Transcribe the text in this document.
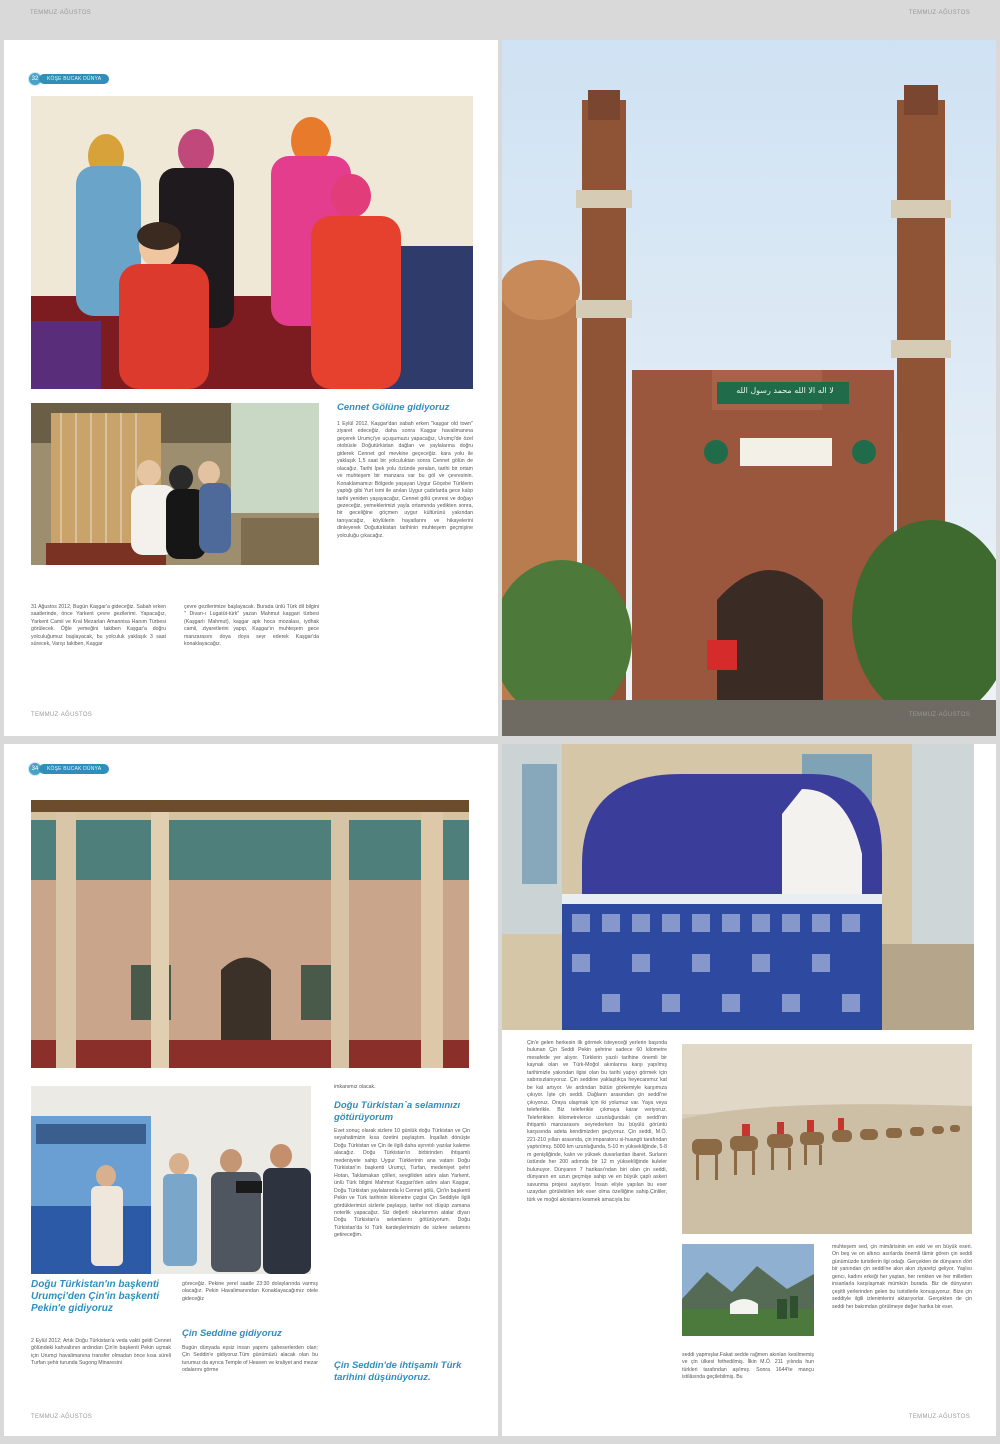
TEMMUZ·AĞUSTOS	TEMMUZ·AĞUSTOS
32	KÖŞE BUCAK DÜNYA
Cennet Gölüne gidiyoruz
1 Eylül 2012, Kaşgar'dan sabah erken "kaşgar old town" ziyaret edeceğiz, daha sonra Kaşgar havalimanına geçerek Urumçi'ye uçuşumuzu yapacağız, Urumçi'de özel otobüsle Doğutürkistan dağları ve yaylalarına doğru giderek Cennet gol mevkine geçeceğiz. kara yolu ile yaklaşık 1,5 saat bir yolculuktan sonra Cennet gölün de olacağız. Tarihi İpek yolu özünde yeralan, tarihi bir ortam ve muhteşem bir manzara var bu göl ve çevresinin. Konaklamamızı Bölgede yaşayan Uygur Göçebe Türklerin yaptığı gibi Yurt ismi ile anılan Uygur çadırlarda gece kalıp tarihi yeniden yaşayacağız, Cennet gölü çevresi ve doğayı gezeceğiz, yemeklerimizi yayla ortamında yedikten sonra, bir geceliğine göçmen uygur kültürünü yakından tanıyacağız, köylülerin hayatlarını ve hikayelerini dinleyerek Doğutürkistan tarihinin muhteşem geçmişine yolculuğu çıkacağız.
31 Ağustos 2012, Bugün Kaşgar'a gideceğiz. Sabah erken saatlerinde, önce Yarkent çevre gezilerimi. Yapacağız, Yarkent Camii ve Kral Mezarları Amannisa Hanım Türbesi görülecek. Öğle yemeğini takiben Kaşgar'a doğru yolculuğumuz başlayacak, bu yolculuk yaklaşık 3 saat sürecek, Varışı takiben, Kaşgar
çevre gezilerimize başlayacak. Burada ünlü Türk dil bilgini " Divan-ı Lugatüt-türk" yazan Mahmut kaşgari türbesi (Kaşgarlı Mahmut), kaşgar apk hoca mozalası, iydhak camii, ziyaretlerini yapıp, Kaşgar'ın muhteşem gece manzarasını doya doya seyr ederek Kaşgar'da konaklayacağız.
TEMMUZ·AĞUSTOS
لا اله الا الله محمد رسول الله
TEMMUZ·AĞUSTOS
34	KÖŞE BUCAK DÜNYA
Doğu Türkistan'ın başkenti Urumçi'den Çin'in başkenti Pekin'e gidiyoruz
2 Eylül 2012; Artık Doğu Türkistan'a veda vakti geldi Cennet gölündeki kahvaltının ardından Çin'in başkenti Pekin uçmak için Urumçi havalimanına transfer olmadan önce kısa süreli Turfan şehir turunda Sugong Minaresini
göreceğiz. Pekine yerel saatle 23:30 dolaylarında varmış olacağız. Pekin Havalimanından Konaklayacağımız otele gideceğiz
Çin Seddine gidiyoruz
Bugün dünyada eşsiz insan yapımı şaheserlerden olan; Çin Seddin'e gidiyoruz.Tüm günümüzü alacak olan bu turumuz da ayrıca Temple of Heaven ve kraliyet and mezar odalarını görme
imkanımız olacak.
Doğu Türkistan`a selamınızı götürüyorum
Evet sonuç olarak sizlere 10 günlük doğu Türkistan ve Çin seyahatimizin kısa özetini paylaştım. İnşallah dönüşte Doğu Türkistan ve Çin ile ilgili daha ayrıntılı yazılar kaleme alacağız. Doğu Türkistan'ın birbirinden ihtişamlı medeniyete sahip Uygur Türklerinin ana vatanı Doğu Türkistan'ın başkenti Urumçi, Turfan, medeniyet şehri Hotan, Taklamakan çölleri, sevgiliden adını alan Yarkent, ünlü Türk bilgini Mahmut Kaşgari'den adını alan Kaşgar, Doğu Türkistan yaylalarında ki Cennet gölü, Çin'in başkenti Pekin ve Türk tarihinin kilometre çizgisi Çin Seddiyle ilgili gördüklerimizi sizlerle paylaşıp, tarihe not düşüp zamana noterlik yapacağız. Siz değerli okurlarımın atalar diyarı Doğu Türkistan'a selamlarını götürüyorum. Doğu Türkistan'da ki Türk kardeşlerimizin de sizlere selamını getireceğim.
Çin Seddin'de ihtişamlı Türk tarihini düşünüyoruz.
TEMMUZ·AĞUSTOS
Çin'e gelen herkesin ilk görmek isteyeceği yerlerin başında bulunan Çin Seddi Pekin şehrine sadece 60 kilometre mesafede yer alıyor. Türklerin yazılı tarihine önemli bir kaynak olan ve Türk-Moğol akınlarına karşı yapılmış tarihimizle yakından ilgisi olan bu tarihi yapıyı görmek için sabırsızlanıyoruz. Çin seddine yaklaştıkça heyecanımız kat be kat artıyor. Ve ardından bütün görkemiyle karşımıza çıkıyor. İşte çin seddi. Dağların arasından çin seddi'ne çıkıyoruz. Oraya ulaşmak için iki yolumuz var. Yaya veya teleferikle. Biz teleferikle çıkmaya karar veriyoruz. Teleferikten kilometrelerce uzunluğundaki çin seddi'nin ihtişamlı manzarasını seyrederken bu büyülü görüntü karşısında adeta kendimizden geçiyoruz. Çin seddi, M.Ö. 221-210 yılları arasında, çin imparatoru si-huangti tarafından yaptırılmış. 5000 km uzunluğunda, 5-10 m yüksekliğinde, 5-8 m genişliğinde, kalın ve yüksek duvarlardan ibaret. Surların üstünde her 200 adımda bir 12 m yüksekliğinde kuleler bulunuyor. Dünyanın 7 harikası'ndan biri olan çin seddi, dünyanın en uzun geçmişe sahip ve en büyük çaplı askeri savunma projesi sayılıyor. İnsan eliyle yapılan bu eser uzaydan görülebilen tek eser olma özelliğine sahip.Çinliler, türk ve moğol akınlarını kesmek amacıyla bu
seddi yapmışlar.Fakat sedde rağmen akınları kesilmemiş ve çin ülkesi fethedilmiş. İlkin M.Ö. 211 yılında hun türkleri tarafından aşılmış. Sonra 1644'te mançu istilâsında geçilebilmiş. Bu
muhteşem sed, çin mimârisinin en eski ve en büyük eseri. On beş ve on altıncı asırlarda önemli tâmir gören çin seddi günümüzde turistlerin ilgi odağı. Gerçekten de dünyanın dört bir yanından çin seddi'ne akın akın ziyaretçi geliyor. Yaşlısı gencı, kadını erkeği her yaştan, her renkten ve her milletten insanlarla karşılaşmak mümkün burada. Biz de dünyanın çeşitli yerlerinden gelen bu turistlerle konuşuyoruz. Bize çin seddiyle ilgili izlenimlerini aktarıyorlar. Gerçekten de çin seddi her bakımdan görülmeye değer harika bir eser.
TEMMUZ·AĞUSTOS
